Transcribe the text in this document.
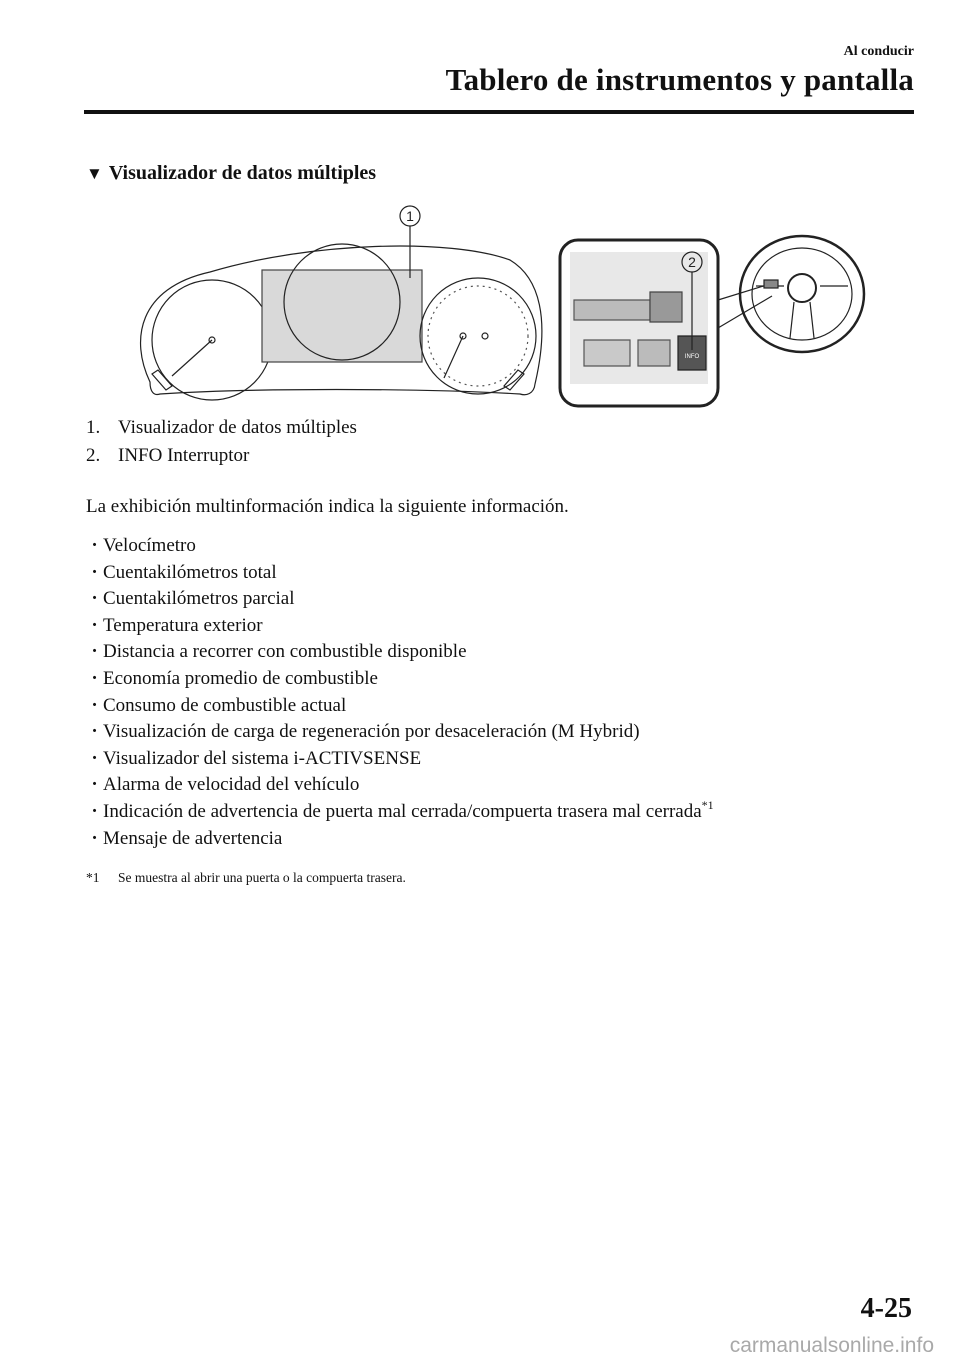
Al conducir
Tablero de instrumentos y pantalla
▼ Visualizador de datos múltiples
1
2
INFO
1. Visualizador de datos múltiples
2. INFO Interruptor
La exhibición multinformación indica la siguiente información.
· Velocímetro
· Cuentakilómetros total
· Cuentakilómetros parcial
· Temperatura exterior
· Distancia a recorrer con combustible disponible
· Economía promedio de combustible
· Consumo de combustible actual
· Visualización de carga de regeneración por desaceleración (M Hybrid)
· Visualizador del sistema i-ACTIVSENSE
· Alarma de velocidad del vehículo
· Indicación de advertencia de puerta mal cerrada/compuerta trasera mal cerrada$^{*1}$
· Mensaje de advertencia
*1 Se muestra al abrir una puerta o la compuerta trasera.
4-25
carmanualsonline.info
